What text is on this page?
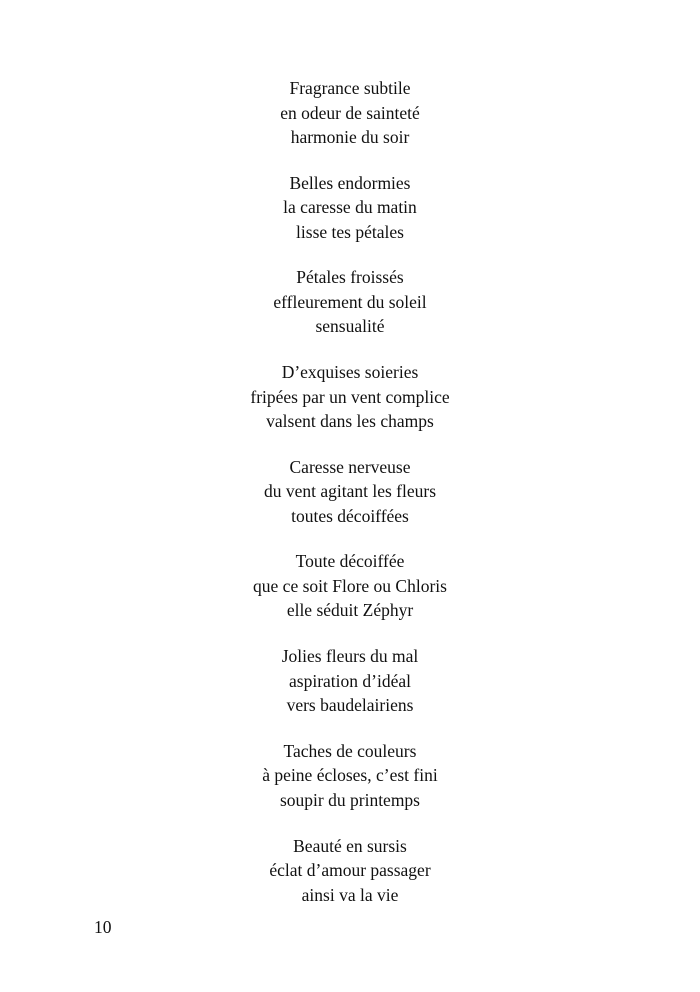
Fragrance subtile
en odeur de sainteté
harmonie du soir
Belles endormies
la caresse du matin
lisse tes pétales
Pétales froissés
effleurement du soleil
sensualité
D’exquises soieries
fripées par un vent complice
valsent dans les champs
Caresse nerveuse
du vent agitant les fleurs
toutes décoiffées
Toute décoiffée
que ce soit Flore ou Chloris
elle séduit Zéphyr
Jolies fleurs du mal
aspiration d’idéal
vers baudelairiens
Taches de couleurs
à peine écloses, c’est fini
soupir du printemps
Beauté en sursis
éclat d’amour passager
ainsi va la vie
10
